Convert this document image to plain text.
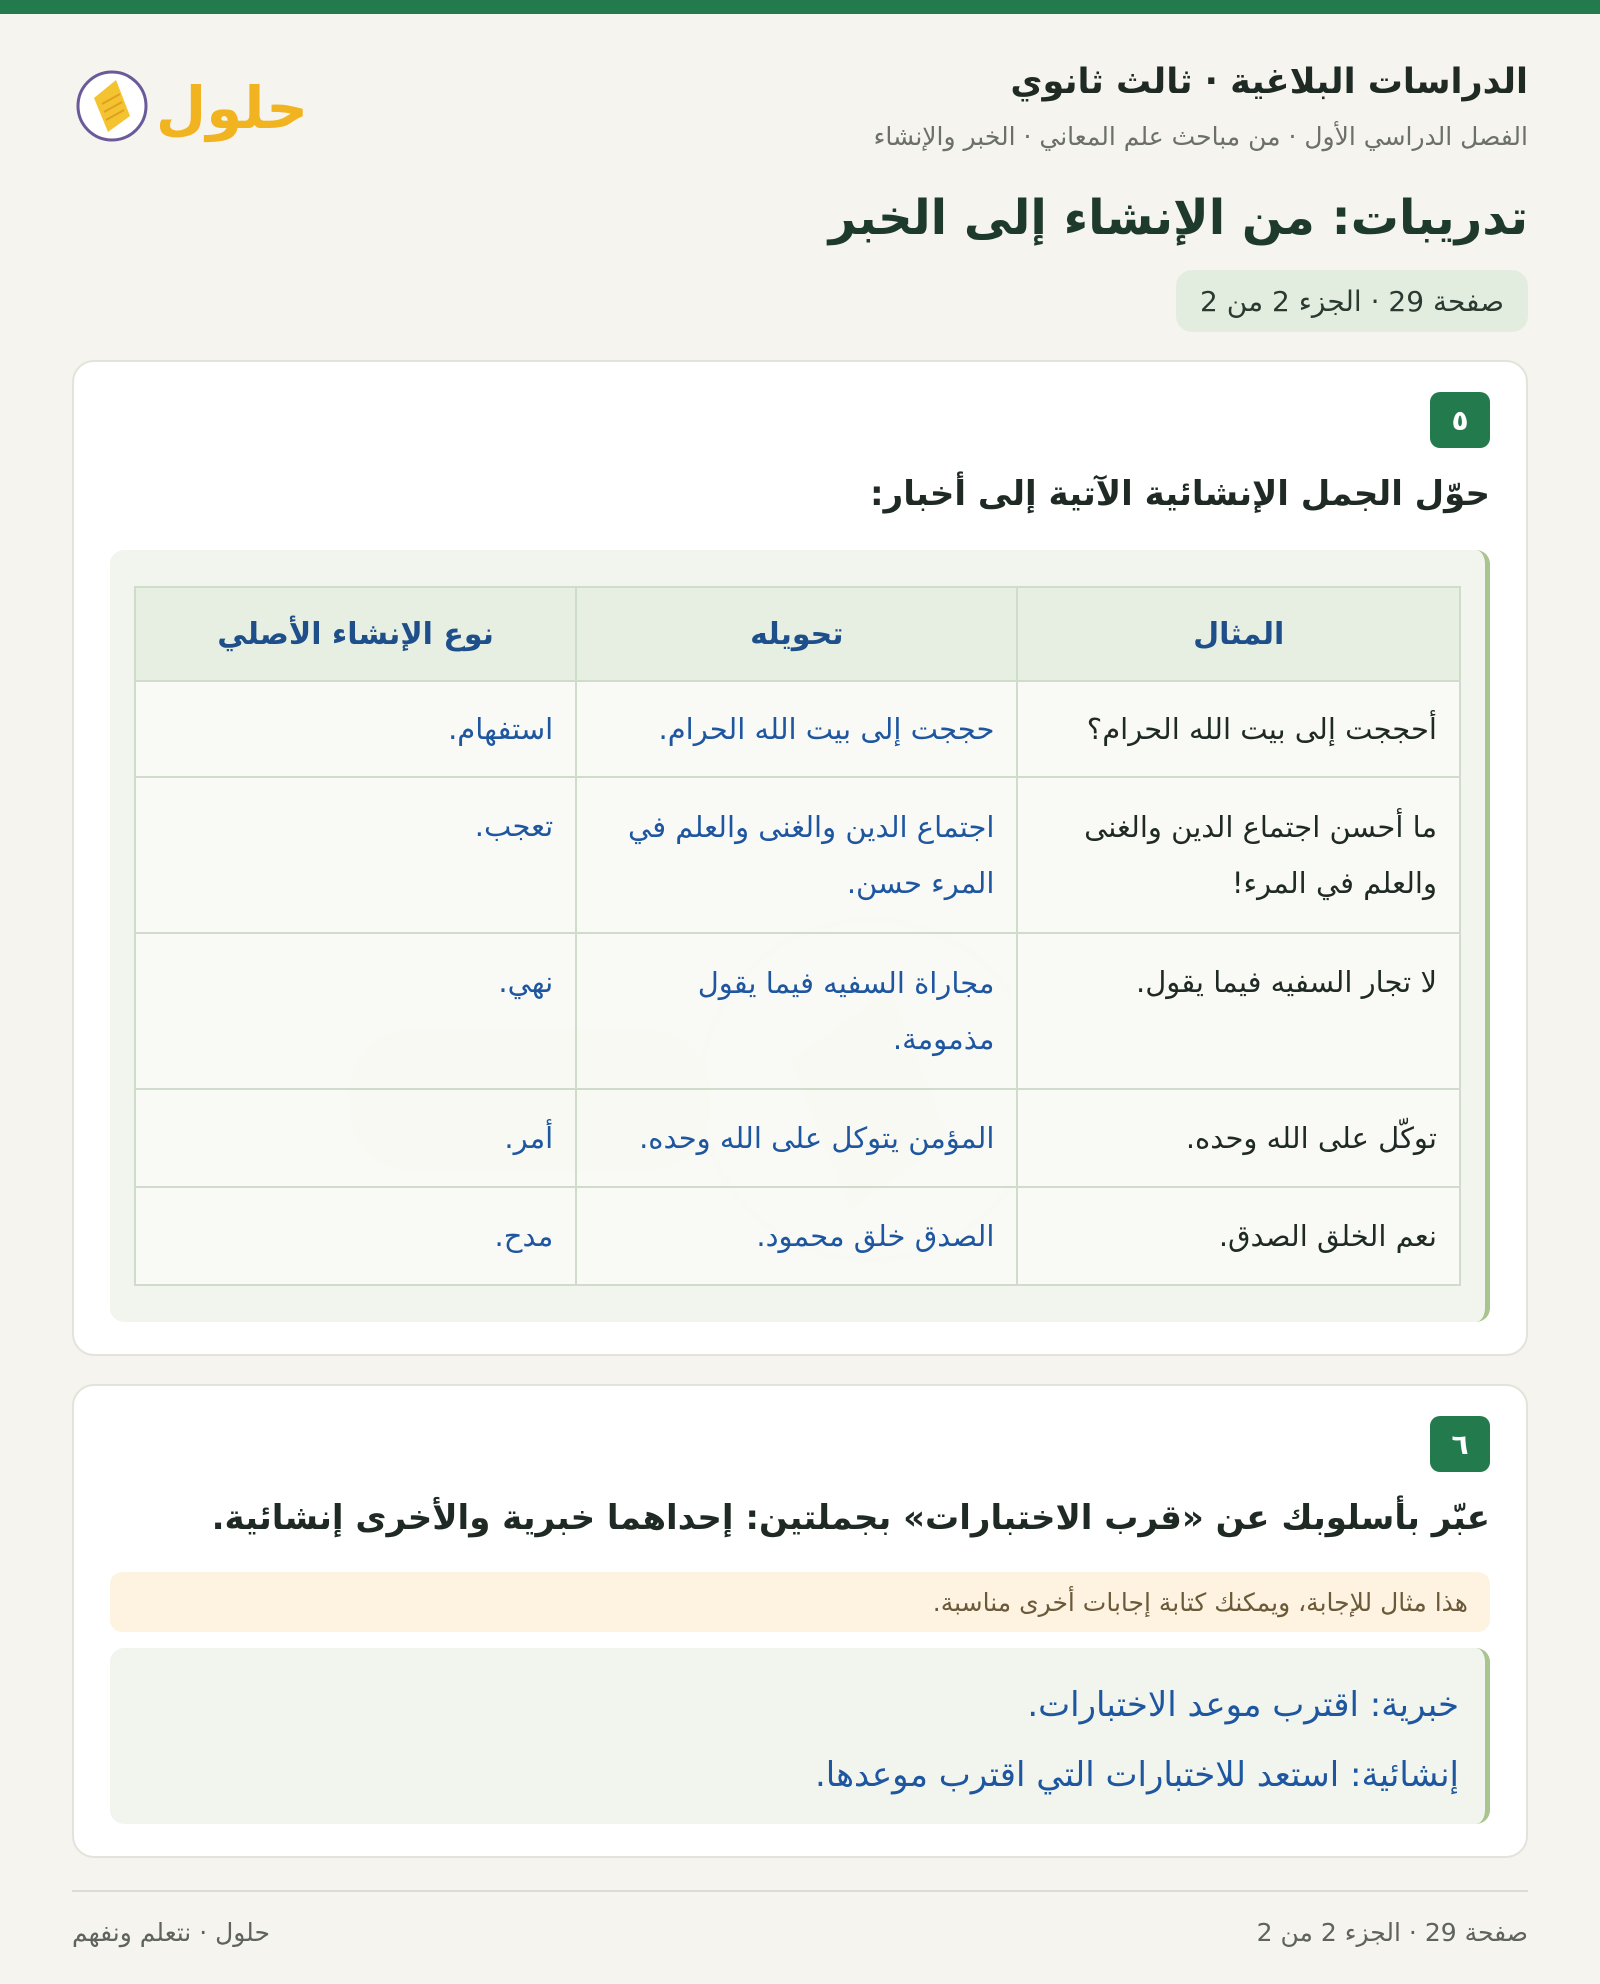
الدراسات البلاغية · ثالث ثانوي
الفصل الدراسي الأول · من مباحث علم المعاني · الخبر والإنشاء
حلول
تدريبات: من الإنشاء إلى الخبر
صفحة 29 · الجزء 2 من 2
٥
حوّل الجمل الإنشائية الآتية إلى أخبار:
المثال	تحويله	نوع الإنشاء الأصلي
أحججت إلى بيت الله الحرام؟	حججت إلى بيت الله الحرام.	استفهام.
ما أحسن اجتماع الدين والغنى والعلم في المرء!	اجتماع الدين والغنى والعلم في المرء حسن.	تعجب.
لا تجار السفيه فيما يقول.	مجاراة السفيه فيما يقول مذمومة.	نهي.
توكّل على الله وحده.	المؤمن يتوكل على الله وحده.	أمر.
نعم الخلق الصدق.	الصدق خلق محمود.	مدح.
٦
عبّر بأسلوبك عن «قرب الاختبارات» بجملتين: إحداهما خبرية والأخرى إنشائية.
هذا مثال للإجابة، ويمكنك كتابة إجابات أخرى مناسبة.
خبرية: اقترب موعد الاختبارات.
إنشائية: استعد للاختبارات التي اقترب موعدها.
صفحة 29 · الجزء 2 من 2
حلول · نتعلم ونفهم
